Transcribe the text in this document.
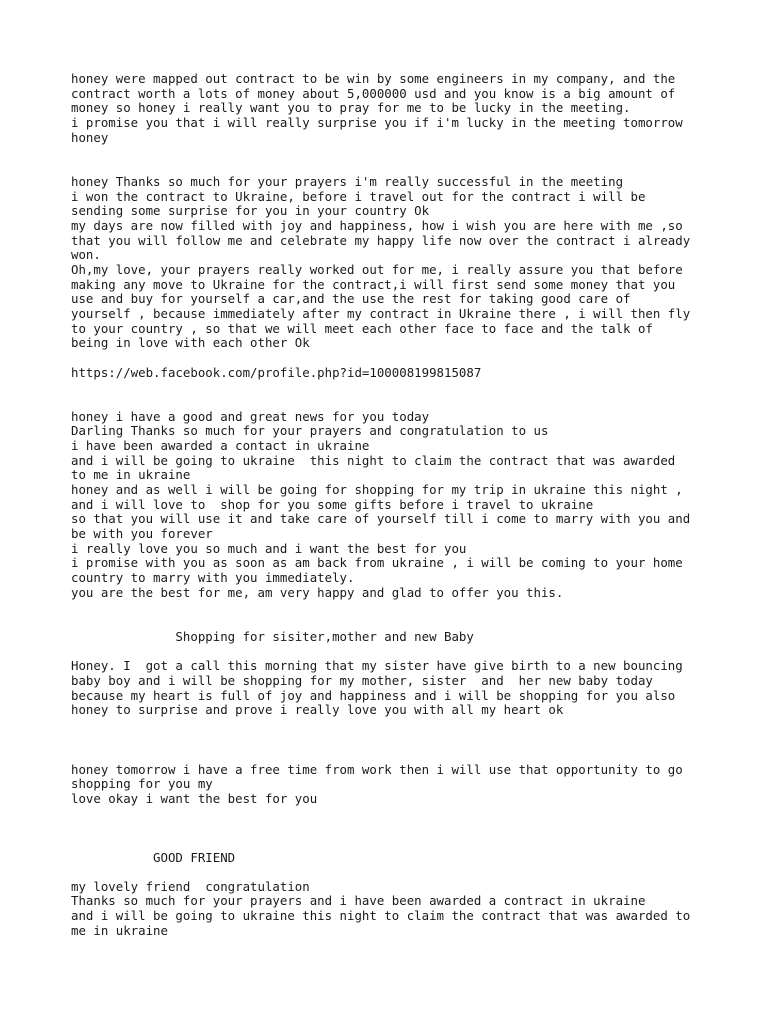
honey were mapped out contract to be win by some engineers in my company, and the

contract worth a lots of money about 5,000000 usd and you know is a big amount of

money so honey i really want you to pray for me to be lucky in the meeting.

i promise you that i will really surprise you if i'm lucky in the meeting tomorrow

honey

honey Thanks so much for your prayers i'm really successful in the meeting

i won the contract to Ukraine, before i travel out for the contract i will be

sending some surprise for you in your country Ok

my days are now filled with joy and happiness, how i wish you are here with me ,so

that you will follow me and celebrate my happy life now over the contract i already

won.

Oh,my love, your prayers really worked out for me, i really assure you that before

making any move to Ukraine for the contract,i will first send some money that you

use and buy for yourself a car,and the use the rest for taking good care of

yourself , because immediately after my contract in Ukraine there , i will then fly

to your country , so that we will meet each other face to face and the talk of

being in love with each other Ok

https://web.facebook.com/profile.php?id=100008199815087

honey i have a good and great news for you today

Darling Thanks so much for your prayers and congratulation to us

i have been awarded a contact in ukraine

and i will be going to ukraine  this night to claim the contract that was awarded

to me in ukraine

honey and as well i will be going for shopping for my trip in ukraine this night ,

and i will love to  shop for you some gifts before i travel to ukraine

so that you will use it and take care of yourself till i come to marry with you and

be with you forever

i really love you so much and i want the best for you

i promise with you as soon as am back from ukraine , i will be coming to your home

country to marry with you immediately.

you are the best for me, am very happy and glad to offer you this.

Shopping for sisiter,mother and new Baby

Honey. I  got a call this morning that my sister have give birth to a new bouncing

baby boy and i will be shopping for my mother, sister  and  her new baby today

because my heart is full of joy and happiness and i will be shopping for you also

honey to surprise and prove i really love you with all my heart ok

honey tomorrow i have a free time from work then i will use that opportunity to go

shopping for you my

love okay i want the best for you

GOOD FRIEND

my lovely friend  congratulation

Thanks so much for your prayers and i have been awarded a contract in ukraine

and i will be going to ukraine this night to claim the contract that was awarded to

me in ukraine
